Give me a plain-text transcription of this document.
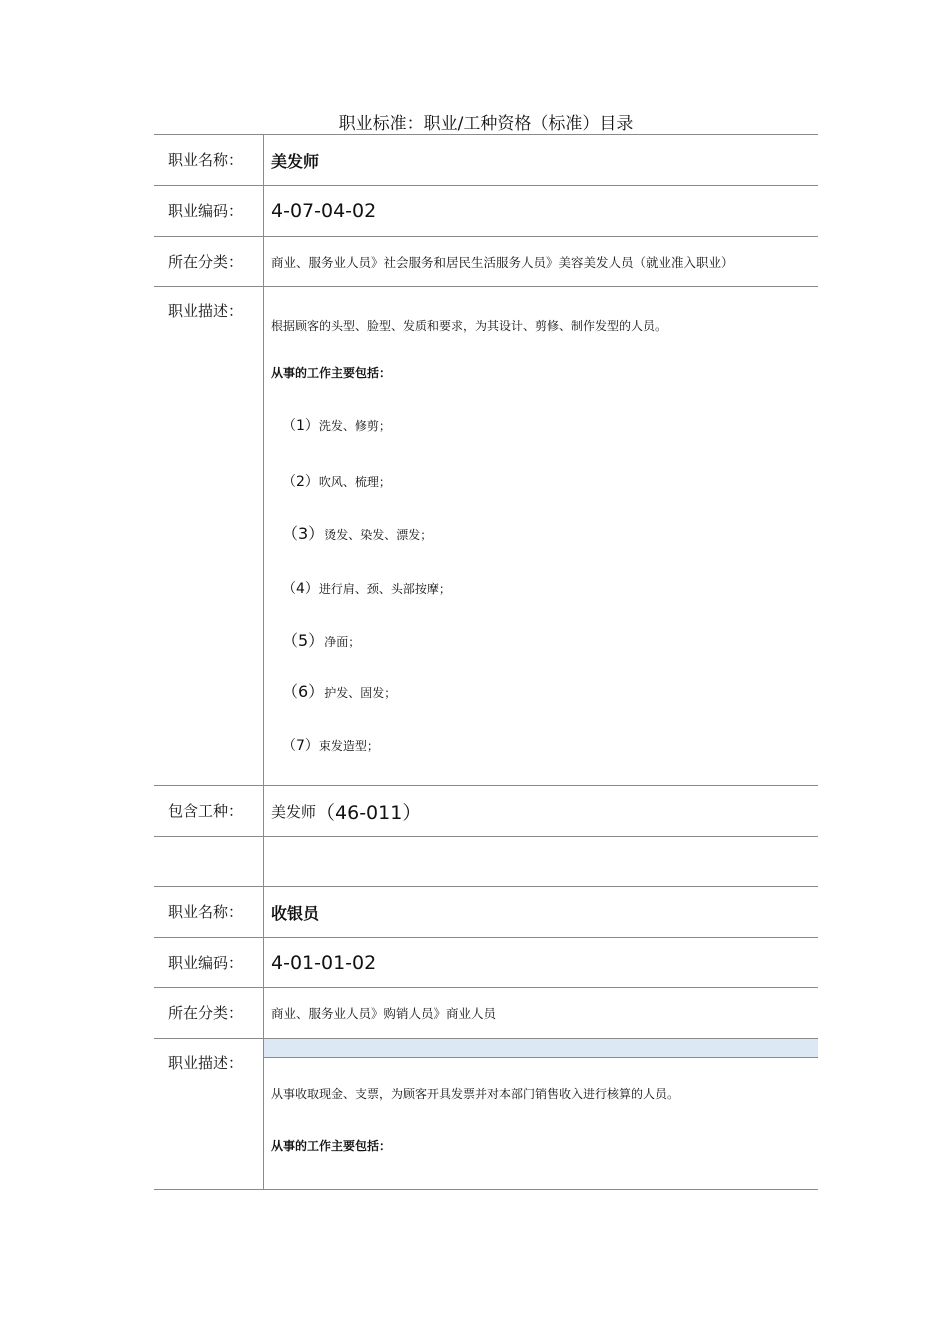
职业标准：职业/工种资格（标准）目录
职业名称：	美发师
职业编码：	4-07-04-02
所在分类：	商业、服务业人员》社会服务和居民生活服务人员》美容美发人员（就业准入职业）
职业描述：
根据顾客的头型、脸型、发质和要求，为其设计、剪修、制作发型的人员。
从事的工作主要包括：
（1）洗发、修剪；
（2）吹风、梳理；
（3）烫发、染发、漂发；
（4）进行肩、颈、头部按摩；
（5）净面；
（6）护发、固发；
（7）束发造型；
包含工种：	美发师 （46-011）
职业名称：	收银员
职业编码：	4-01-01-02
所在分类：	商业、服务业人员》购销人员》商业人员
职业描述：
从事收取现金、支票，为顾客开具发票并对本部门销售收入进行核算的人员。
从事的工作主要包括：
